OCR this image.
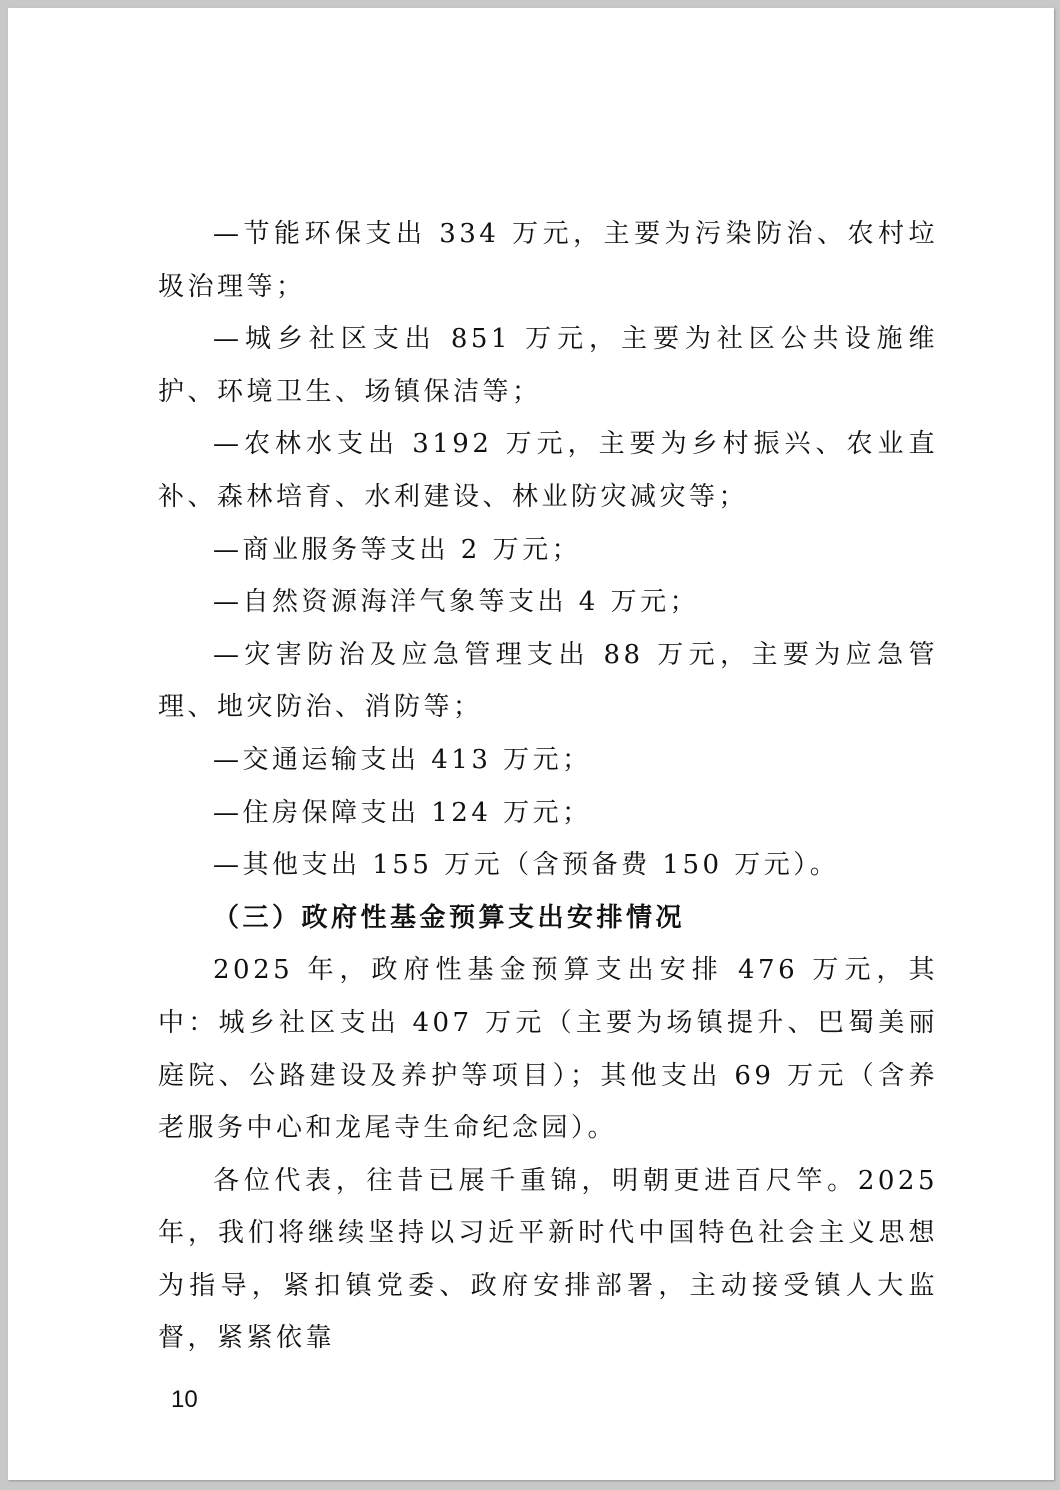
—节能环保支出 334 万元，主要为污染防治、农村垃圾治理等；

—城乡社区支出 851 万元，主要为社区公共设施维护、环境卫生、场镇保洁等；

—农林水支出 3192 万元，主要为乡村振兴、农业直补、森林培育、水利建设、林业防灾减灾等；

—商业服务等支出 2 万元；

—自然资源海洋气象等支出 4 万元；

—灾害防治及应急管理支出 88 万元，主要为应急管理、地灾防治、消防等；

—交通运输支出 413 万元；

—住房保障支出 124 万元；

—其他支出 155 万元（含预备费 150 万元）。

（三）政府性基金预算支出安排情况

2025 年，政府性基金预算支出安排 476 万元，其中：城乡社区支出 407 万元（主要为场镇提升、巴蜀美丽庭院、公路建设及养护等项目）；其他支出 69 万元（含养老服务中心和龙尾寺生命纪念园）。

各位代表，往昔已展千重锦，明朝更进百尺竿。2025 年，我们将继续坚持以习近平新时代中国特色社会主义思想为指导，紧扣镇党委、政府安排部署，主动接受镇人大监督，紧紧依靠

10
